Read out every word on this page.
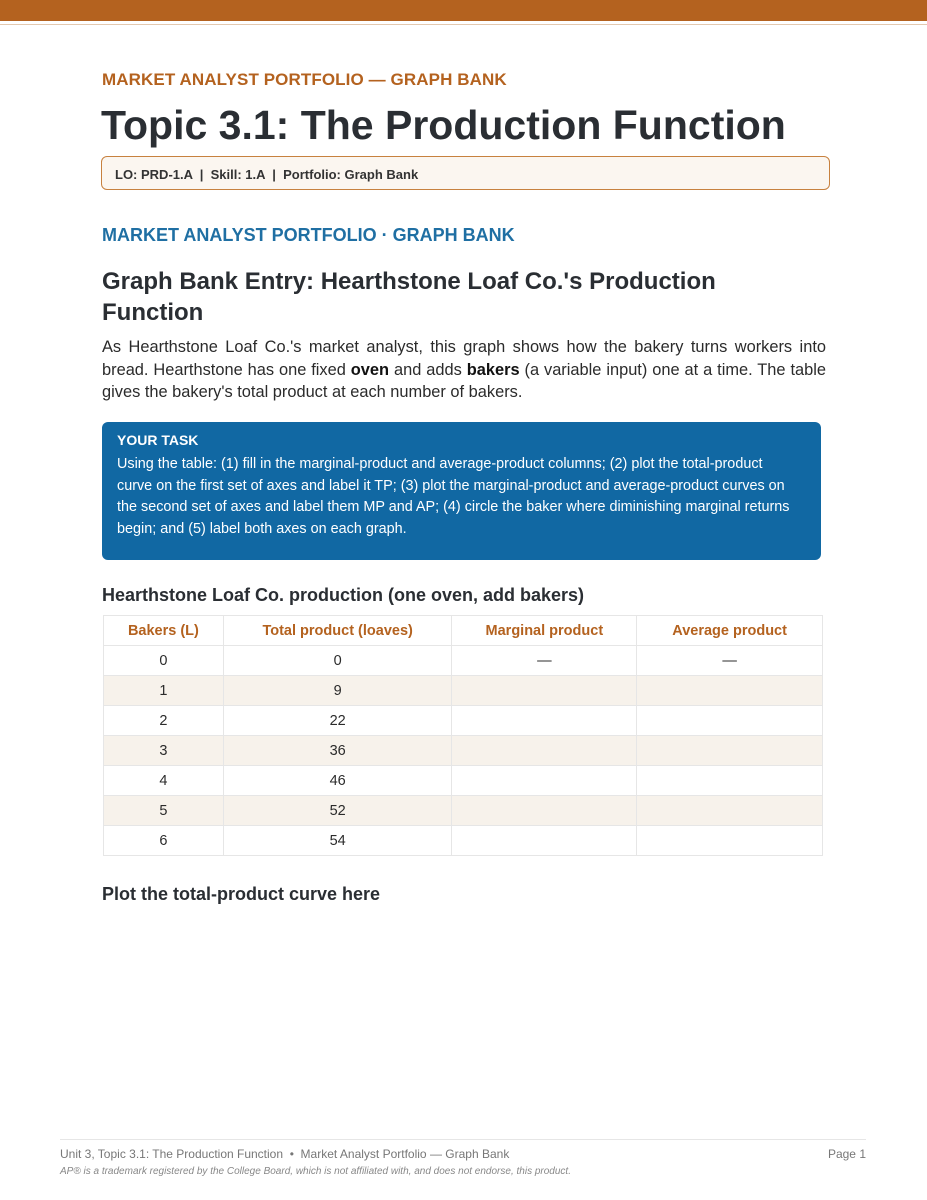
MARKET ANALYST PORTFOLIO — GRAPH BANK
Topic 3.1: The Production Function
LO: PRD-1.A  |  Skill: 1.A  |  Portfolio: Graph Bank
MARKET ANALYST PORTFOLIO · GRAPH BANK
Graph Bank Entry: Hearthstone Loaf Co.'s Production Function

As Hearthstone Loaf Co.'s market analyst, this graph shows how the bakery turns workers into bread. Hearthstone has one fixed oven and adds bakers (a variable input) one at a time. The table gives the bakery's total product at each number of bakers.

YOUR TASK

Using the table: (1) fill in the marginal-product and average-product columns; (2) plot the total-product curve on the first set of axes and label it TP; (3) plot the marginal-product and average-product curves on the second set of axes and label them MP and AP; (4) circle the baker where diminishing marginal returns begin; and (5) label both axes on each graph.

Hearthstone Loaf Co. production (one oven, add bakers)
Bakers (L)	Total product (loaves)	Marginal product	Average product
0	0	—	—
1	9		
2	22		
3	36		
4	46		
5	52		
6	54		
Plot the total-product curve here
Unit 3, Topic 3.1: The Production Function  •  Market Analyst Portfolio — Graph Bank	Page 1
AP® is a trademark registered by the College Board, which is not affiliated with, and does not endorse, this product.
